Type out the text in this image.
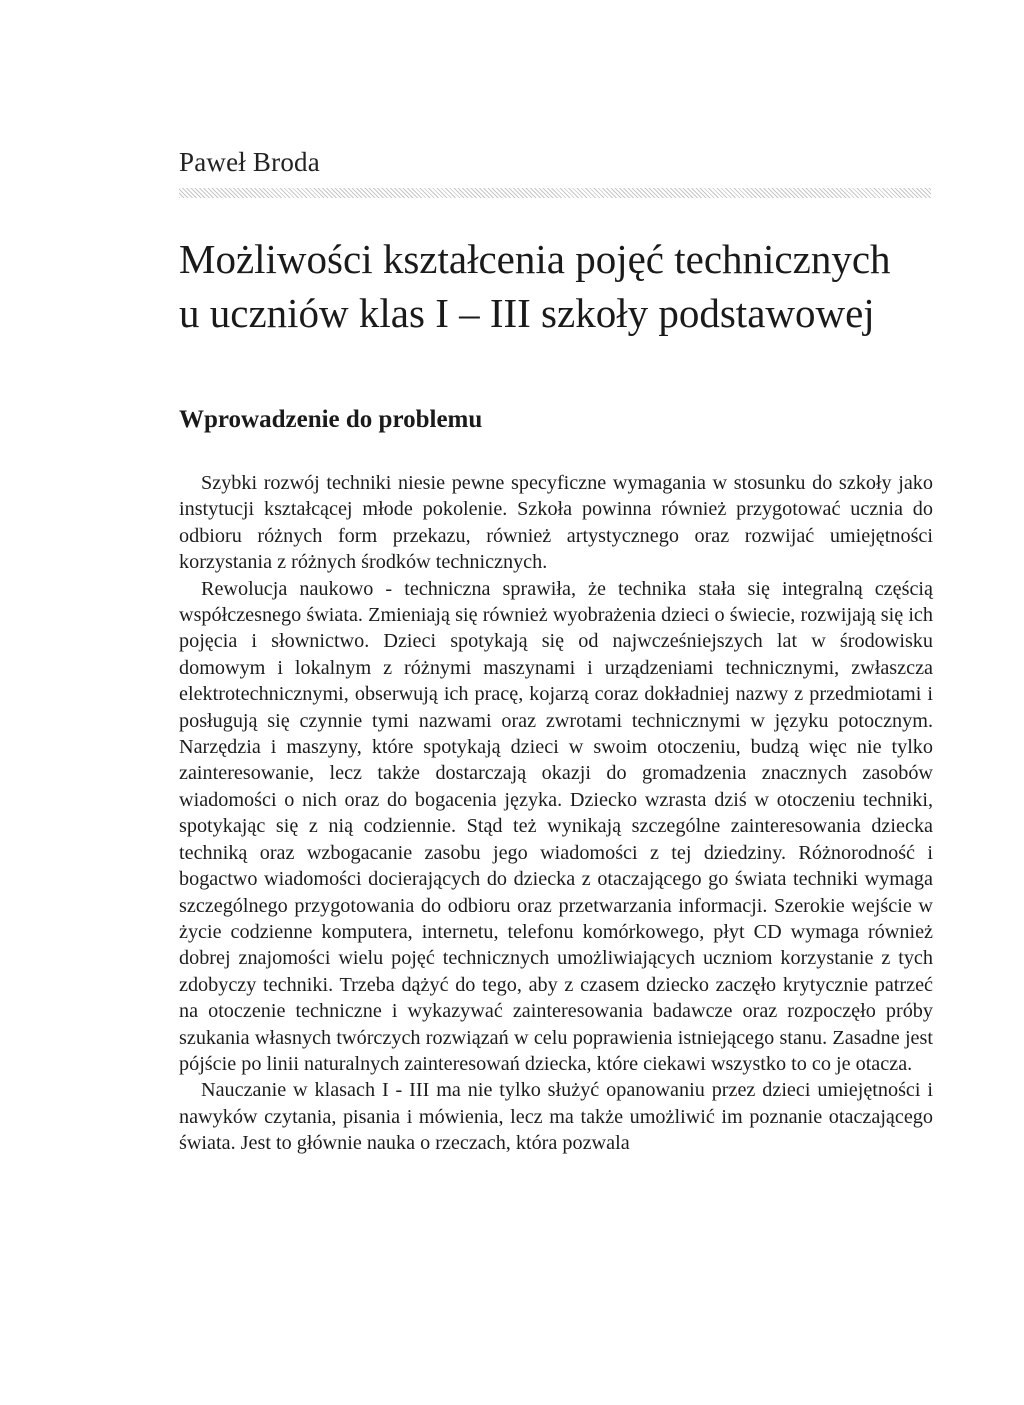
Paweł Broda
Możliwości kształcenia pojęć technicznych
u uczniów klas I – III szkoły podstawowej
Wprowadzenie do problemu

Szybki rozwój techniki niesie pewne specyficzne wymagania w stosunku do szkoły jako instytucji kształcącej młode pokolenie. Szkoła powinna również przygotować ucznia do odbioru różnych form przekazu, również artystycznego oraz rozwijać umiejętności korzystania z różnych środków technicznych.

Rewolucja naukowo - techniczna sprawiła, że technika stała się integralną częścią współczesnego świata. Zmieniają się również wyobrażenia dzieci o świecie, rozwijają się ich pojęcia i słownictwo. Dzieci spotykają się od najwcześniejszych lat w środowisku domowym i lokalnym z różnymi maszynami i urządzeniami technicznymi, zwłaszcza elektrotechnicznymi, obserwują ich pracę, kojarzą coraz dokładniej nazwy z przedmiotami i posługują się czynnie tymi nazwami oraz zwrotami technicznymi w języku potocznym. Narzędzia i maszyny, które spotykają dzieci w swoim otoczeniu, budzą więc nie tylko zainteresowanie, lecz także dostarczają okazji do gromadzenia znacznych zasobów wiadomości o nich oraz do bogacenia języka. Dziecko wzrasta dziś w otoczeniu techniki, spotykając się z nią codziennie. Stąd też wynikają szczególne zainteresowania dziecka techniką oraz wzbogacanie zasobu jego wiadomości z tej dziedziny. Różnorodność i bogactwo wiadomości docierających do dziecka z otaczającego go świata techniki wymaga szczególnego przygotowania do odbioru oraz przetwarzania informacji. Szerokie wejście w życie codzienne komputera, internetu, telefonu komórkowego, płyt CD wymaga również dobrej znajomości wielu pojęć technicznych umożliwiających uczniom korzystanie z tych zdobyczy techniki. Trzeba dążyć do tego, aby z czasem dziecko zaczęło krytycznie patrzeć na otoczenie techniczne i wykazywać zainteresowania badawcze oraz rozpoczęło próby szukania własnych twórczych rozwiązań w celu poprawienia istniejącego stanu. Zasadne jest pójście po linii naturalnych zainteresowań dziecka, które ciekawi wszystko to co je otacza.

Nauczanie w klasach I - III ma nie tylko służyć opanowaniu przez dzieci umiejętności i nawyków czytania, pisania i mówienia, lecz ma także umożliwić im poznanie otaczającego świata. Jest to głównie nauka o rzeczach, która pozwala
